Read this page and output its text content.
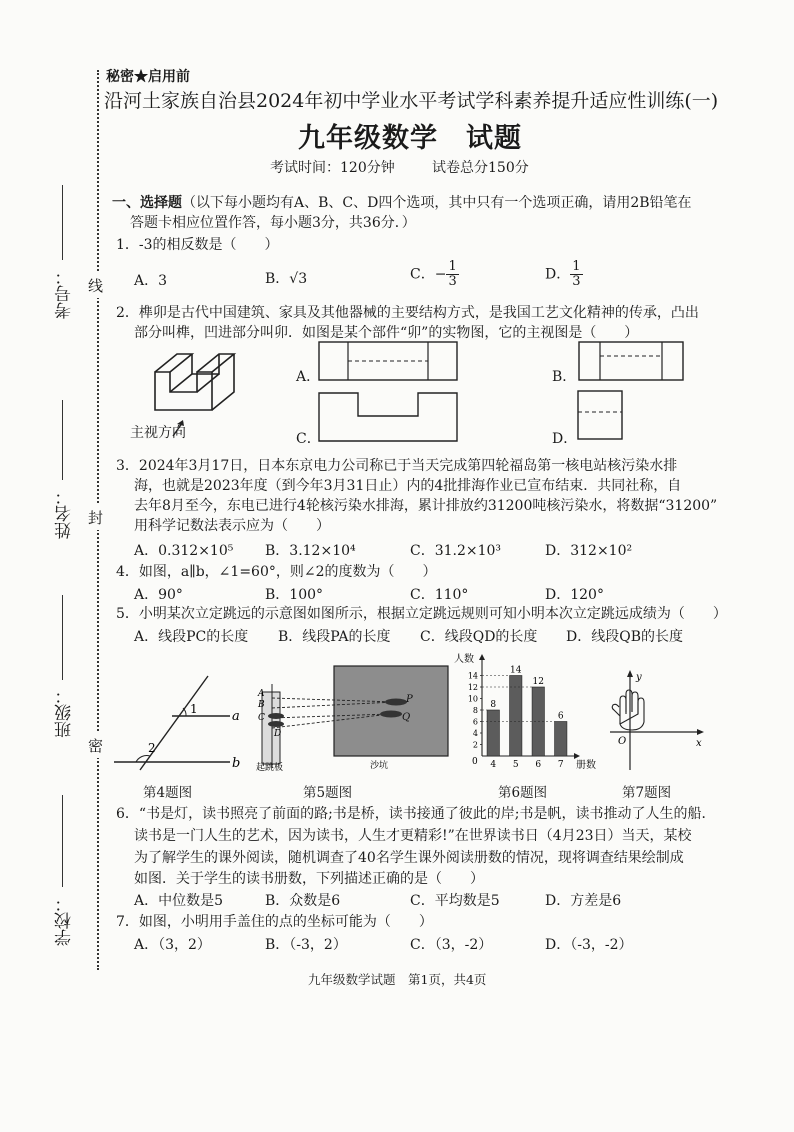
考号：
姓名：
班级：
学校：
线
封
密
秘密★启用前
沿河土家族自治县2024年初中学业水平考试学科素养提升适应性训练(一)
九年级数学　试题
考试时间：120分钟	试卷总分150分
一、选择题（以下每小题均有A、B、C、D四个选项，其中只有一个选项正确，请用2B铅笔在
答题卡相应位置作答，每小题3分，共36分．）
1．-3的相反数是（　　）
A．3	B．√3	C．− $\frac{1}{3}$	D． $\frac{1}{3}$
2．榫卯是古代中国建筑、家具及其他器械的主要结构方式，是我国工艺文化精神的传承，凸出
部分叫榫，凹进部分叫卯．如图是某个部件“卯”的实物图，它的主视图是（　　）
主视方向
A．	B．
C．	D．
3．2024年3月17日，日本东京电力公司称已于当天完成第四轮福岛第一核电站核污染水排
海，也就是2023年度（到今年3月31日止）内的4批排海作业已宣布结束．共同社称，自
去年8月至今，东电已进行4轮核污染水排海，累计排放约31200吨核污染水，将数据“31200”
用科学记数法表示应为（　　）
A．0.312×10⁵ B．3.12×10⁴	C．31.2×10³	D．312×10²
4．如图，a∥b，∠1=60°，则∠2的度数为（　　）
A．90°	B．100°	C．110°	D．120°
5．小明某次立定跳远的示意图如图所示，根据立定跳远规则可知小明本次立定跳远成绩为（　　）
A．线段PC的长度 B．线段PA的长度 C．线段QD的长度 D．线段QB的长度
1
2
a
b
第4题图
A
B
C
D
P
Q
起跳板	沙坑
第5题图
人数
册数
0
2
4
6
8
10
12
14
8
4
14
5
12
6
6
7
第6题图
O	x
y
第7题图
6．“书是灯，读书照亮了前面的路;书是桥，读书接通了彼此的岸;书是帆，读书推动了人生的船．
读书是一门人生的艺术，因为读书，人生才更精彩!”在世界读书日（4月23日）当天，某校
为了解学生的课外阅读，随机调查了40名学生课外阅读册数的情况，现将调查结果绘制成
如图．关于学生的读书册数，下列描述正确的是（　　）
A．中位数是5	B．众数是6	C．平均数是5	D．方差是6
7．如图，小明用手盖住的点的坐标可能为（　　）
A．（3，2）	B．（-3，2）	C．（3，-2）	D．（-3，-2）
九年级数学试题　第1页，共4页
